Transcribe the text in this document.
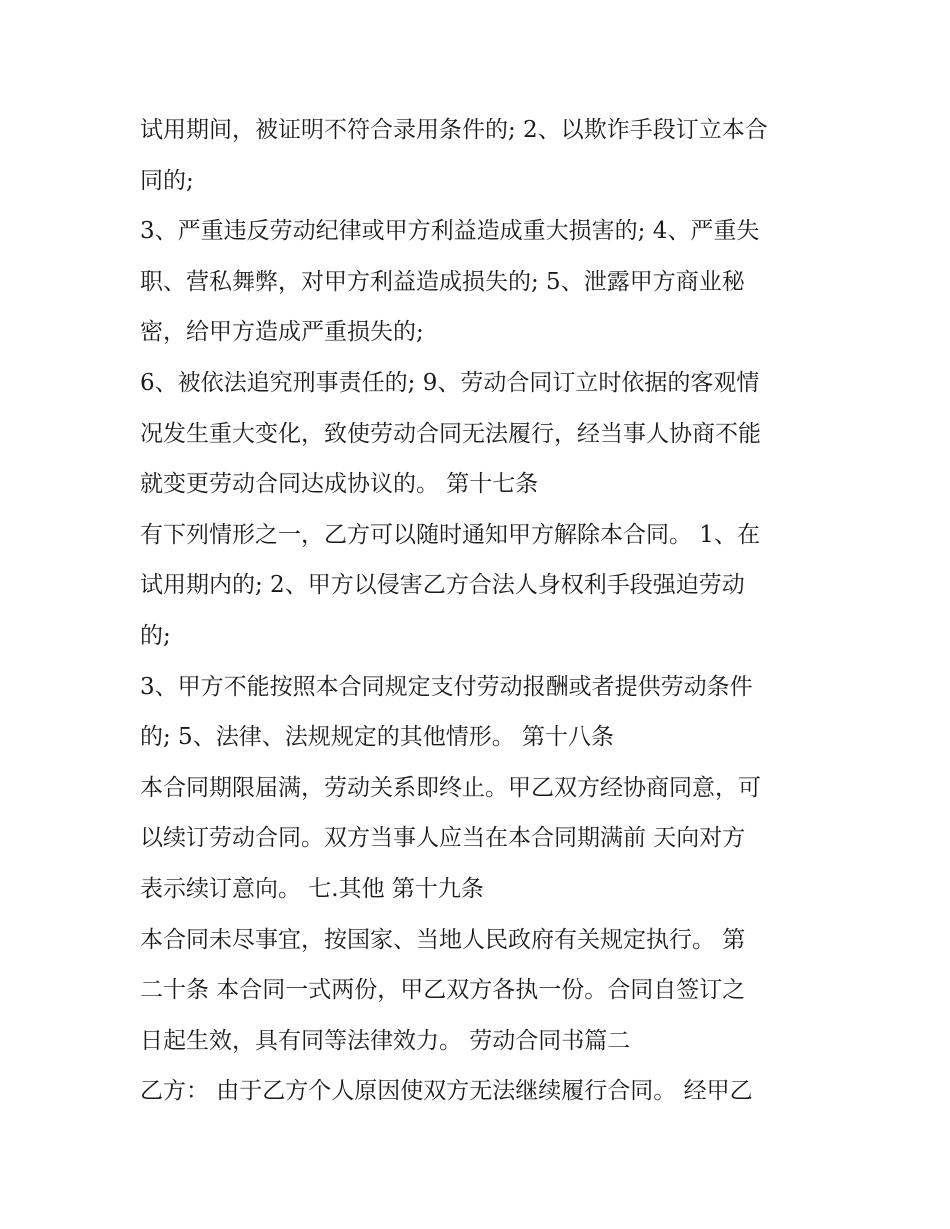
试用期间，被证明不符合录用条件的; 2、以欺诈手段订立本合
同的;
3、严重违反劳动纪律或甲方利益造成重大损害的; 4、严重失
职、营私舞弊，对甲方利益造成损失的; 5、泄露甲方商业秘
密，给甲方造成严重损失的;
6、被依法追究刑事责任的; 9、劳动合同订立时依据的客观情
况发生重大变化，致使劳动合同无法履行，经当事人协商不能
就变更劳动合同达成协议的。 第十七条
有下列情形之一，乙方可以随时通知甲方解除本合同。 1、在
试用期内的; 2、甲方以侵害乙方合法人身权利手段强迫劳动
的;
3、甲方不能按照本合同规定支付劳动报酬或者提供劳动条件
的; 5、法律、法规规定的其他情形。 第十八条
本合同期限届满，劳动关系即终止。甲乙双方经协商同意，可
以续订劳动合同。双方当事人应当在本合同期满前 天向对方
表示续订意向。 七.其他 第十九条
本合同未尽事宜，按国家、当地人民政府有关规定执行。 第
二十条 本合同一式两份，甲乙双方各执一份。合同自签订之
日起生效，具有同等法律效力。 劳动合同书篇二
乙方： 由于乙方个人原因使双方无法继续履行合同。 经甲乙
